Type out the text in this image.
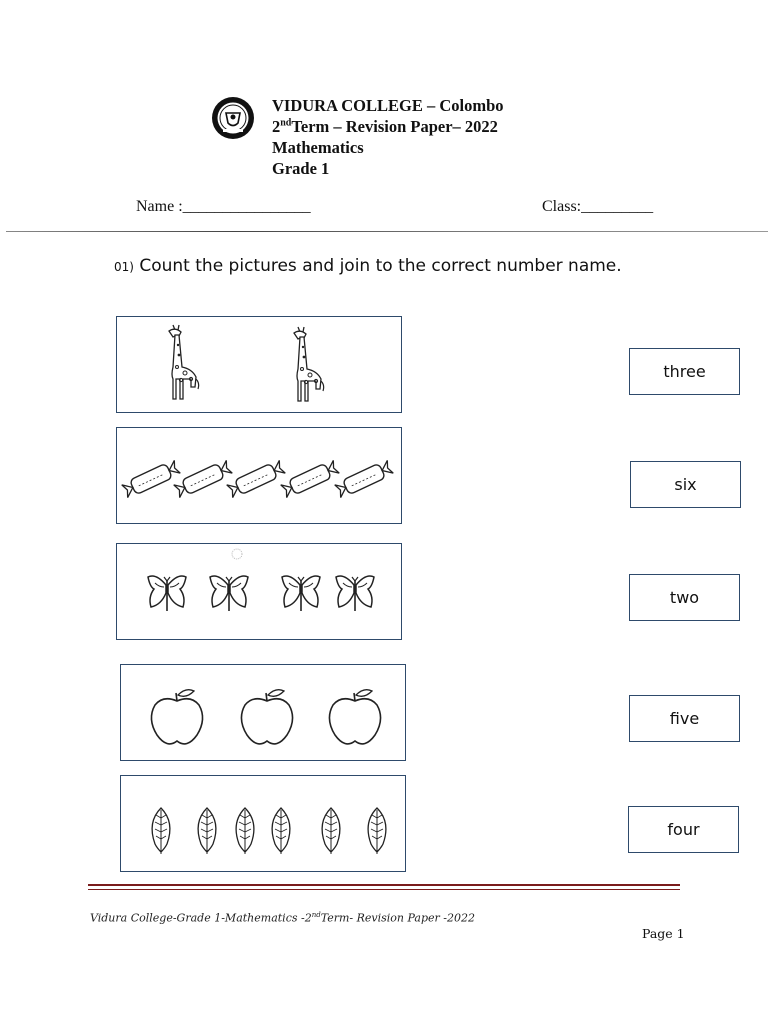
VIDURA COLLEGE – Colombo
2ndTerm – Revision Paper– 2022
Mathematics
Grade 1
Name :________________	Class:_________
01) Count the pictures and join to the correct number name.
three
six
two
five
four
Vidura College-Grade 1-Mathematics -2ndTerm- Revision Paper -2022
Page 1
